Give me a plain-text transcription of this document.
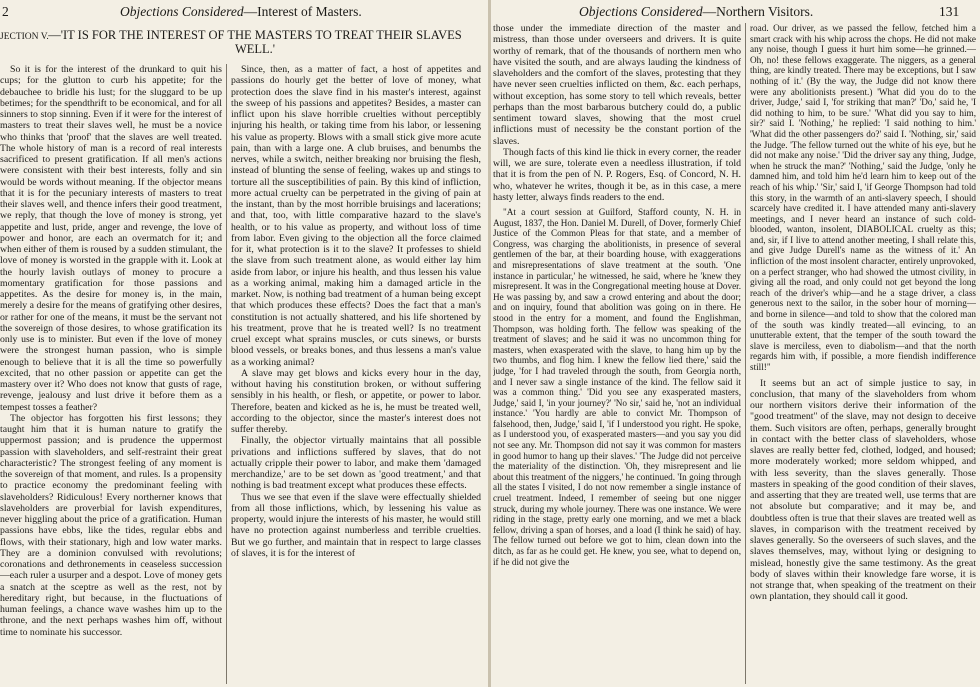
2	Objections Considered—Interest of Masters.
JECTION V. —'IT IS FOR THE INTEREST OF THE MASTERS TO TREAT THEIR SLAVES WELL.'

So it is for the interest of the drunkard to quit his cups; for the glutton to curb his appetite; for the debauchee to bridle his lust; for the sluggard to be up betimes; for the spendthrift to be economical, and for all sinners to stop sinning. Even if it were for the interest of masters to treat their slaves well, he must be a novice who thinks that 'proof' that the slaves are well treated. The whole history of man is a record of real interests sacrificed to present gratification. If all men's actions were consistent with their best interests, folly and sin would be words without meaning. If the objector means that it is for the pecuniary interests of masters to treat their slaves well, and thence infers their good treatment, we reply, that though the love of money is strong, yet appetite and lust, pride, anger and revenge, the love of power and honor, are each an overmatch for it; and when either of them is roused by a sudden stimulant, the love of money is worsted in the grapple with it. Look at the hourly lavish outlays of money to procure a momentary gratification for those passions and appetites. As the desire for money is, in the main, merely a desire for the means of gratifying other desires, or rather for one of the means, it must be the servant not the sovereign of those desires, to whose gratification its only use is to minister. But even if the love of money were the strongest human passion, who is simple enough to believe that it is all the time so powerfully excited, that no other passion or appetite can get the mastery over it? Who does not know that gusts of rage, revenge, jealousy and lust drive it before them as a tempest tosses a feather?

The objector has forgotten his first lessons; they taught him that it is human nature to gratify the uppermost passion; and is prudence the uppermost passion with slaveholders, and self-restraint their great characteristic? The strongest feeling of any moment is the sovereign of that moment, and rules. Is a propensity to practice economy the predominant feeling with slaveholders? Ridiculous! Every northerner knows that slaveholders are proverbial for lavish expenditures, never higgling about the price of a gratification. Human passions have ebbs, like the tides, regular ebbs and flows, with their stationary, high and low water marks. They are a dominion convulsed with revolutions; coronations and dethronements in ceaseless succession—each ruler a usurper and a despot. Love of money gets a snatch at the sceptre as well as the rest, not by hereditary right, but because, in the fluctuations of human feelings, a chance wave washes him up to the throne, and the next perhaps washes him off, without time to nominate his successor.

Since, then, as a matter of fact, a host of appetites and passions do hourly get the better of love of money, what protection does the slave find in his master's interest, against the sweep of his passions and appetites? Besides, a master can inflict upon his slave horrible cruelties without perceptibly injuring his health, or taking time from his labor, or lessening his value as property. Blows with a small stick give more acute pain, than with a large one. A club bruises, and benumbs the nerves, while a switch, neither breaking nor bruising the flesh, instead of blunting the sense of feeling, wakes up and stings to torture all the susceptibilities of pain. By this kind of infliction, more actual cruelty can be perpetrated in the giving of pain at the instant, than by the most horrible bruisings and lacerations; and that, too, with little comparative hazard to the slave's health, or to his value as property, and without loss of time from labor. Even giving to the objection all the force claimed for it, what protection is it to the slave? It professes to shield the slave from such treatment alone, as would either lay him aside from labor, or injure his health, and thus lessen his value as a working animal, making him a damaged article in the market. Now, is nothing bad treatment of a human being except that which produces these effects? Does the fact that a man's constitution is not actually shattered, and his life shortened by his treatment, prove that he is treated well? Is no treatment cruel except what sprains muscles, or cuts sinews, or bursts blood vessels, or breaks bones, and thus lessens a man's value as a working animal?

A slave may get blows and kicks every hour in the day, without having his constitution broken, or without suffering sensibly in his health, or flesh, or appetite, or power to labor. Therefore, beaten and kicked as he is, he must be treated well, according to the objector, since the master's interest does not suffer thereby.

Finally, the objector virtually maintains that all possible privations and inflictions suffered by slaves, that do not actually cripple their power to labor, and make them 'damaged merchandize,' are to be set down as 'good treatment,' and that nothing is bad treatment except what produces these effects.

Thus we see that even if the slave were effectually shielded from all those inflictions, which, by lessening his value as property, would injure the interests of his master, he would still have no protection against numberless and terrible cruelties. But we go further, and maintain that in respect to large classes of slaves, it is for the interest of

Objections Considered—Northern Visitors.	131

those under the immediate direction of the master and mistress, than those under overseers and drivers. It is quite worthy of remark, that of the thousands of northern men who have visited the south, and are always lauding the kindness of slaveholders and the comfort of the slaves, protesting that they have never seen cruelties inflicted on them, &c. each perhaps, without exception, has some story to tell which reveals, better perhaps than the most barbarous butchery could do, a public sentiment toward slaves, showing that the most cruel inflictions must of necessity be the constant portion of the slaves.

Though facts of this kind lie thick in every corner, the reader will, we are sure, tolerate even a needless illustration, if told that it is from the pen of N. P. Rogers, Esq. of Concord, N. H. who, whatever he writes, though it be, as in this case, a mere hasty letter, always finds readers to the end.

"At a court session at Guilford, Stafford county, N. H. in August, 1837, the Hon. Daniel M. Durell, of Dover, formerly Chief Justice of the Common Pleas for that state, and a member of Congress, was charging the abolitionists, in presence of several gentlemen of the bar, at their boarding house, with exaggerations and misrepresentations of slave treatment at the south. 'One instance in particular,' he witnessed, he said, where he 'knew they misrepresent. It was in the Congregational meeting house at Dover. He was passing by, and saw a crowd entering and about the door; and on inquiry, found that abolition was going on in there. He stood in the entry for a moment, and found the Englishman, Thompson, was holding forth. The fellow was speaking of the treatment of slaves; and he said it was no uncommon thing for masters, when exasperated with the slave, to hang him up by the two thumbs, and flog him. I knew the fellow lied there,' said the judge, 'for I had traveled through the south, from Georgia north, and I never saw a single instance of the kind. The fellow said it was a common thing.' 'Did you see any exasperated masters, Judge,' said I, 'in your journey?' 'No sir,' said he, 'not an individual instance.' 'You hardly are able to convict Mr. Thompson of falsehood, then, Judge,' said I, 'if I understood you right. He spoke, as I understood you, of exasperated masters—and you say you did not see any. Mr. Thompson did not say it was common for masters in good humor to hang up their slaves.' 'The Judge did not perceive the materiality of the distinction. 'Oh, they misrepresent and lie about this treatment of the niggers,' he continued. 'In going through all the states I visited, I do not now remember a single instance of cruel treatment. Indeed, I remember of seeing but one nigger struck, during my whole journey. There was one instance. We were riding in the stage, pretty early one morning, and we met a black fellow, driving a span of horses, and a load (I think he said) of hay. The fellow turned out before we got to him, clean down into the ditch, as far as he could get. He knew, you see, what to depend on, if he did not give the

road. Our driver, as we passed the fellow, fetched him a smart crack with his whip across the chops. He did not make any noise, though I guess it hurt him some—he grinned.—Oh, no! these fellows exaggerate. The niggers, as a general thing, are kindly treated. There may be exceptions, but I saw nothing of it.' (By the way, the Judge did not know there were any abolitionists present.) 'What did you do to the driver, Judge,' said I, 'for striking that man?' 'Do,' said he, 'I did nothing to him, to be sure.' 'What did you say to him, sir?' said I. 'Nothing,' he replied: 'I said nothing to him.' 'What did the other passengers do?' said I. 'Nothing, sir,' said the Judge. 'The fellow turned out the white of his eye, but he did not make any noise.' 'Did the driver say any thing, Judge, when he struck the man?' 'Nothing,' said the Judge, 'only he damned him, and told him he'd learn him to keep out of the reach of his whip.' 'Sir,' said I, 'if George Thompson had told this story, in the warmth of an anti-slavery speech, I should scarcely have credited it. I have attended many anti-slavery meetings, and I never heard an instance of such cold-blooded, wanton, insolent, DIABOLICAL cruelty as this; and, sir, if I live to attend another meeting, I shall relate this, and give Judge Durell's name as the witness of it.' An infliction of the most insolent character, entirely unprovoked, on a perfect stranger, who had showed the utmost civility, in giving all the road, and only could not get beyond the long reach of the driver's whip—and he a stage driver, a class generous next to the sailor, in the sober hour of morning—and borne in silence—and told to show that the colored man of the south was kindly treated—all evincing, to an unutterable extent, that the temper of the south toward the slave is merciless, even to diabolism—and that the north regards him with, if possible, a more fiendish indifference still!"

It seems but an act of simple justice to say, in conclusion, that many of the slaveholders from whom our northern visitors derive their information of the "good treatment" of the slave, may not design to deceive them. Such visitors are often, perhaps, generally brought in contact with the better class of slaveholders, whose slaves are really better fed, clothed, lodged, and housed; more moderately worked; more seldom whipped, and with less severity, than the slaves generally. Those masters in speaking of the good condition of their slaves, and asserting that they are treated well, use terms that are not absolute but comparative; and it may be, and doubtless often is true that their slaves are treated well as slaves, in comparison with the treatment received by slaves generally. So the overseers of such slaves, and the slaves themselves, may, without lying or designing to mislead, honestly give the same testimony. As the great body of slaves within their knowledge fare worse, it is not strange that, when speaking of the treatment on their own plantation, they should call it good.
